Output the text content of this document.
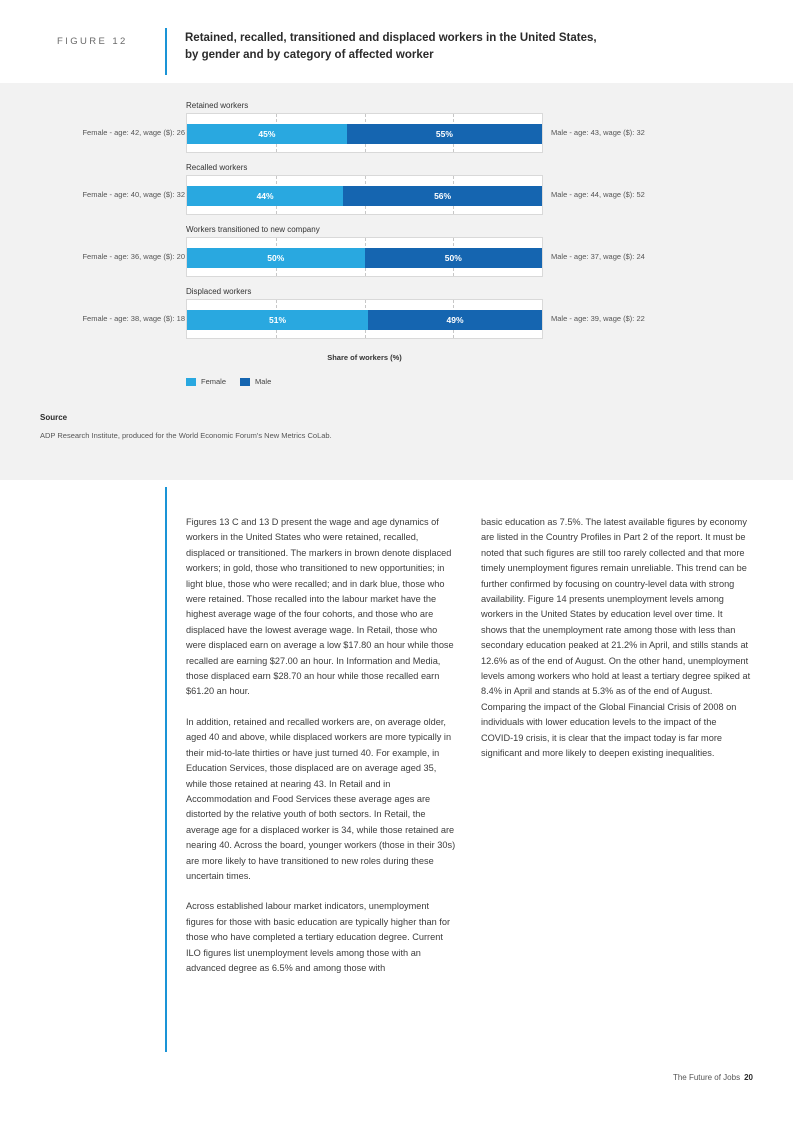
FIGURE 12	Retained, recalled, transitioned and displaced workers in the United States,
by gender and by category of affected worker
Retained workers
45%	55%
Female - age: 42, wage ($): 26	Male - age: 43, wage ($): 32
Recalled workers
44%	56%
Female - age: 40, wage ($): 32	Male - age: 44, wage ($): 52
Workers transitioned to new company
50%	50%
Female - age: 36, wage ($): 20	Male - age: 37, wage ($): 24
Displaced workers
51%	49%
Female - age: 38, wage ($): 18	Male - age: 39, wage ($): 22
Share of workers (%)
Female	Male
Source
ADP Research Institute, produced for the World Economic Forum's New Metrics CoLab.

Figures 13 C and 13 D present the wage and age dynamics of workers in the United States who were retained, recalled, displaced or transitioned. The markers in brown denote displaced workers; in gold, those who transitioned to new opportunities; in light blue, those who were recalled; and in dark blue, those who were retained. Those recalled into the labour market have the highest average wage of the four cohorts, and those who are displaced have the lowest average wage. In Retail, those who were displaced earn on average a low $17.80 an hour while those recalled are earning $27.00 an hour. In Information and Media, those displaced earn $28.70 an hour while those recalled earn $61.20 an hour.

In addition, retained and recalled workers are, on average older, aged 40 and above, while displaced workers are more typically in their mid-to-late thirties or have just turned 40. For example, in Education Services, those displaced are on average aged 35, while those retained at nearing 43. In Retail and in Accommodation and Food Services these average ages are distorted by the relative youth of both sectors. In Retail, the average age for a displaced worker is 34, while those retained are nearing 40. Across the board, younger workers (those in their 30s) are more likely to have transitioned to new roles during these uncertain times.

Across established labour market indicators, unemployment figures for those with basic education are typically higher than for those who have completed a tertiary education degree. Current ILO figures list unemployment levels among those with an advanced degree as 6.5% and among those with

basic education as 7.5%. The latest available figures by economy are listed in the Country Profiles in Part 2 of the report. It must be noted that such figures are still too rarely collected and that more timely unemployment figures remain unreliable. This trend can be further confirmed by focusing on country-level data with strong availability. Figure 14 presents unemployment levels among workers in the United States by education level over time. It shows that the unemployment rate among those with less than secondary education peaked at 21.2% in April, and stills stands at 12.6% as of the end of August. On the other hand, unemployment levels among workers who hold at least a tertiary degree spiked at 8.4% in April and stands at 5.3% as of the end of August. Comparing the impact of the Global Financial Crisis of 2008 on individuals with lower education levels to the impact of the COVID-19 crisis, it is clear that the impact today is far more significant and more likely to deepen existing inequalities.

The Future of Jobs 20
